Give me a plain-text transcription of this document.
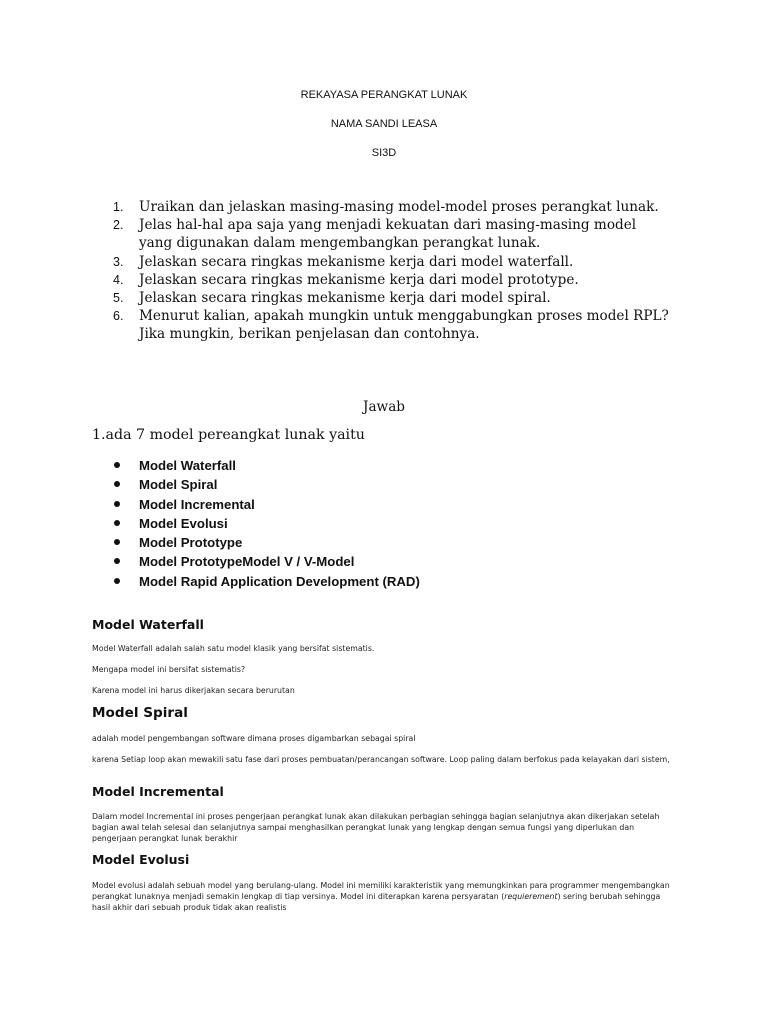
REKAYASA PERANGKAT LUNAK
NAMA SANDI LEASA
SI3D
1.	Uraikan dan jelaskan masing-masing model-model proses perangkat lunak.
2.	Jelas hal-hal apa saja yang menjadi kekuatan dari masing-masing model yang digunakan dalam mengembangkan perangkat lunak.
3.	Jelaskan secara ringkas mekanisme kerja dari model waterfall.
4.	Jelaskan secara ringkas mekanisme kerja dari model prototype.
5.	Jelaskan secara ringkas mekanisme kerja dari model spiral.
6.	Menurut kalian, apakah mungkin untuk menggabungkan proses model RPL? Jika mungkin, berikan penjelasan dan contohnya.
Jawab
1.ada 7 model pereangkat lunak yaitu
Model Waterfall
Model Spiral
Model Incremental
Model Evolusi
Model Prototype
Model PrototypeModel V / V-Model
Model Rapid Application Development (RAD)
Model Waterfall
Model Waterfall adalah salah satu model klasik yang bersifat sistematis.
Mengapa model ini bersifat sistematis?
Karena model ini harus dikerjakan secara berurutan
Model Spiral
adalah model pengembangan software dimana proses digambarkan sebagai spiral
karena Setiap loop akan mewakili satu fase dari proses pembuatan/perancangan software. Loop paling dalam berfokus pada kelayakan dari sistem,
Model Incremental
Dalam model Incremental ini proses pengerjaan perangkat lunak akan dilakukan perbagian sehingga bagian selanjutnya akan dikerjakan setelah bagian awal telah selesai dan selanjutnya sampai menghasilkan perangkat lunak yang lengkap dengan semua fungsi yang diperlukan dan pengerjaan perangkat lunak berakhir
Model Evolusi
Model evolusi adalah sebuah model yang berulang-ulang. Model ini memiliki karakteristik yang memungkinkan para programmer mengembangkan perangkat lunaknya menjadi semakin lengkap di tiap versinya. Model ini diterapkan karena persyaratan (requierement) sering berubah sehingga hasil akhir dari sebuah produk tidak akan realistis
